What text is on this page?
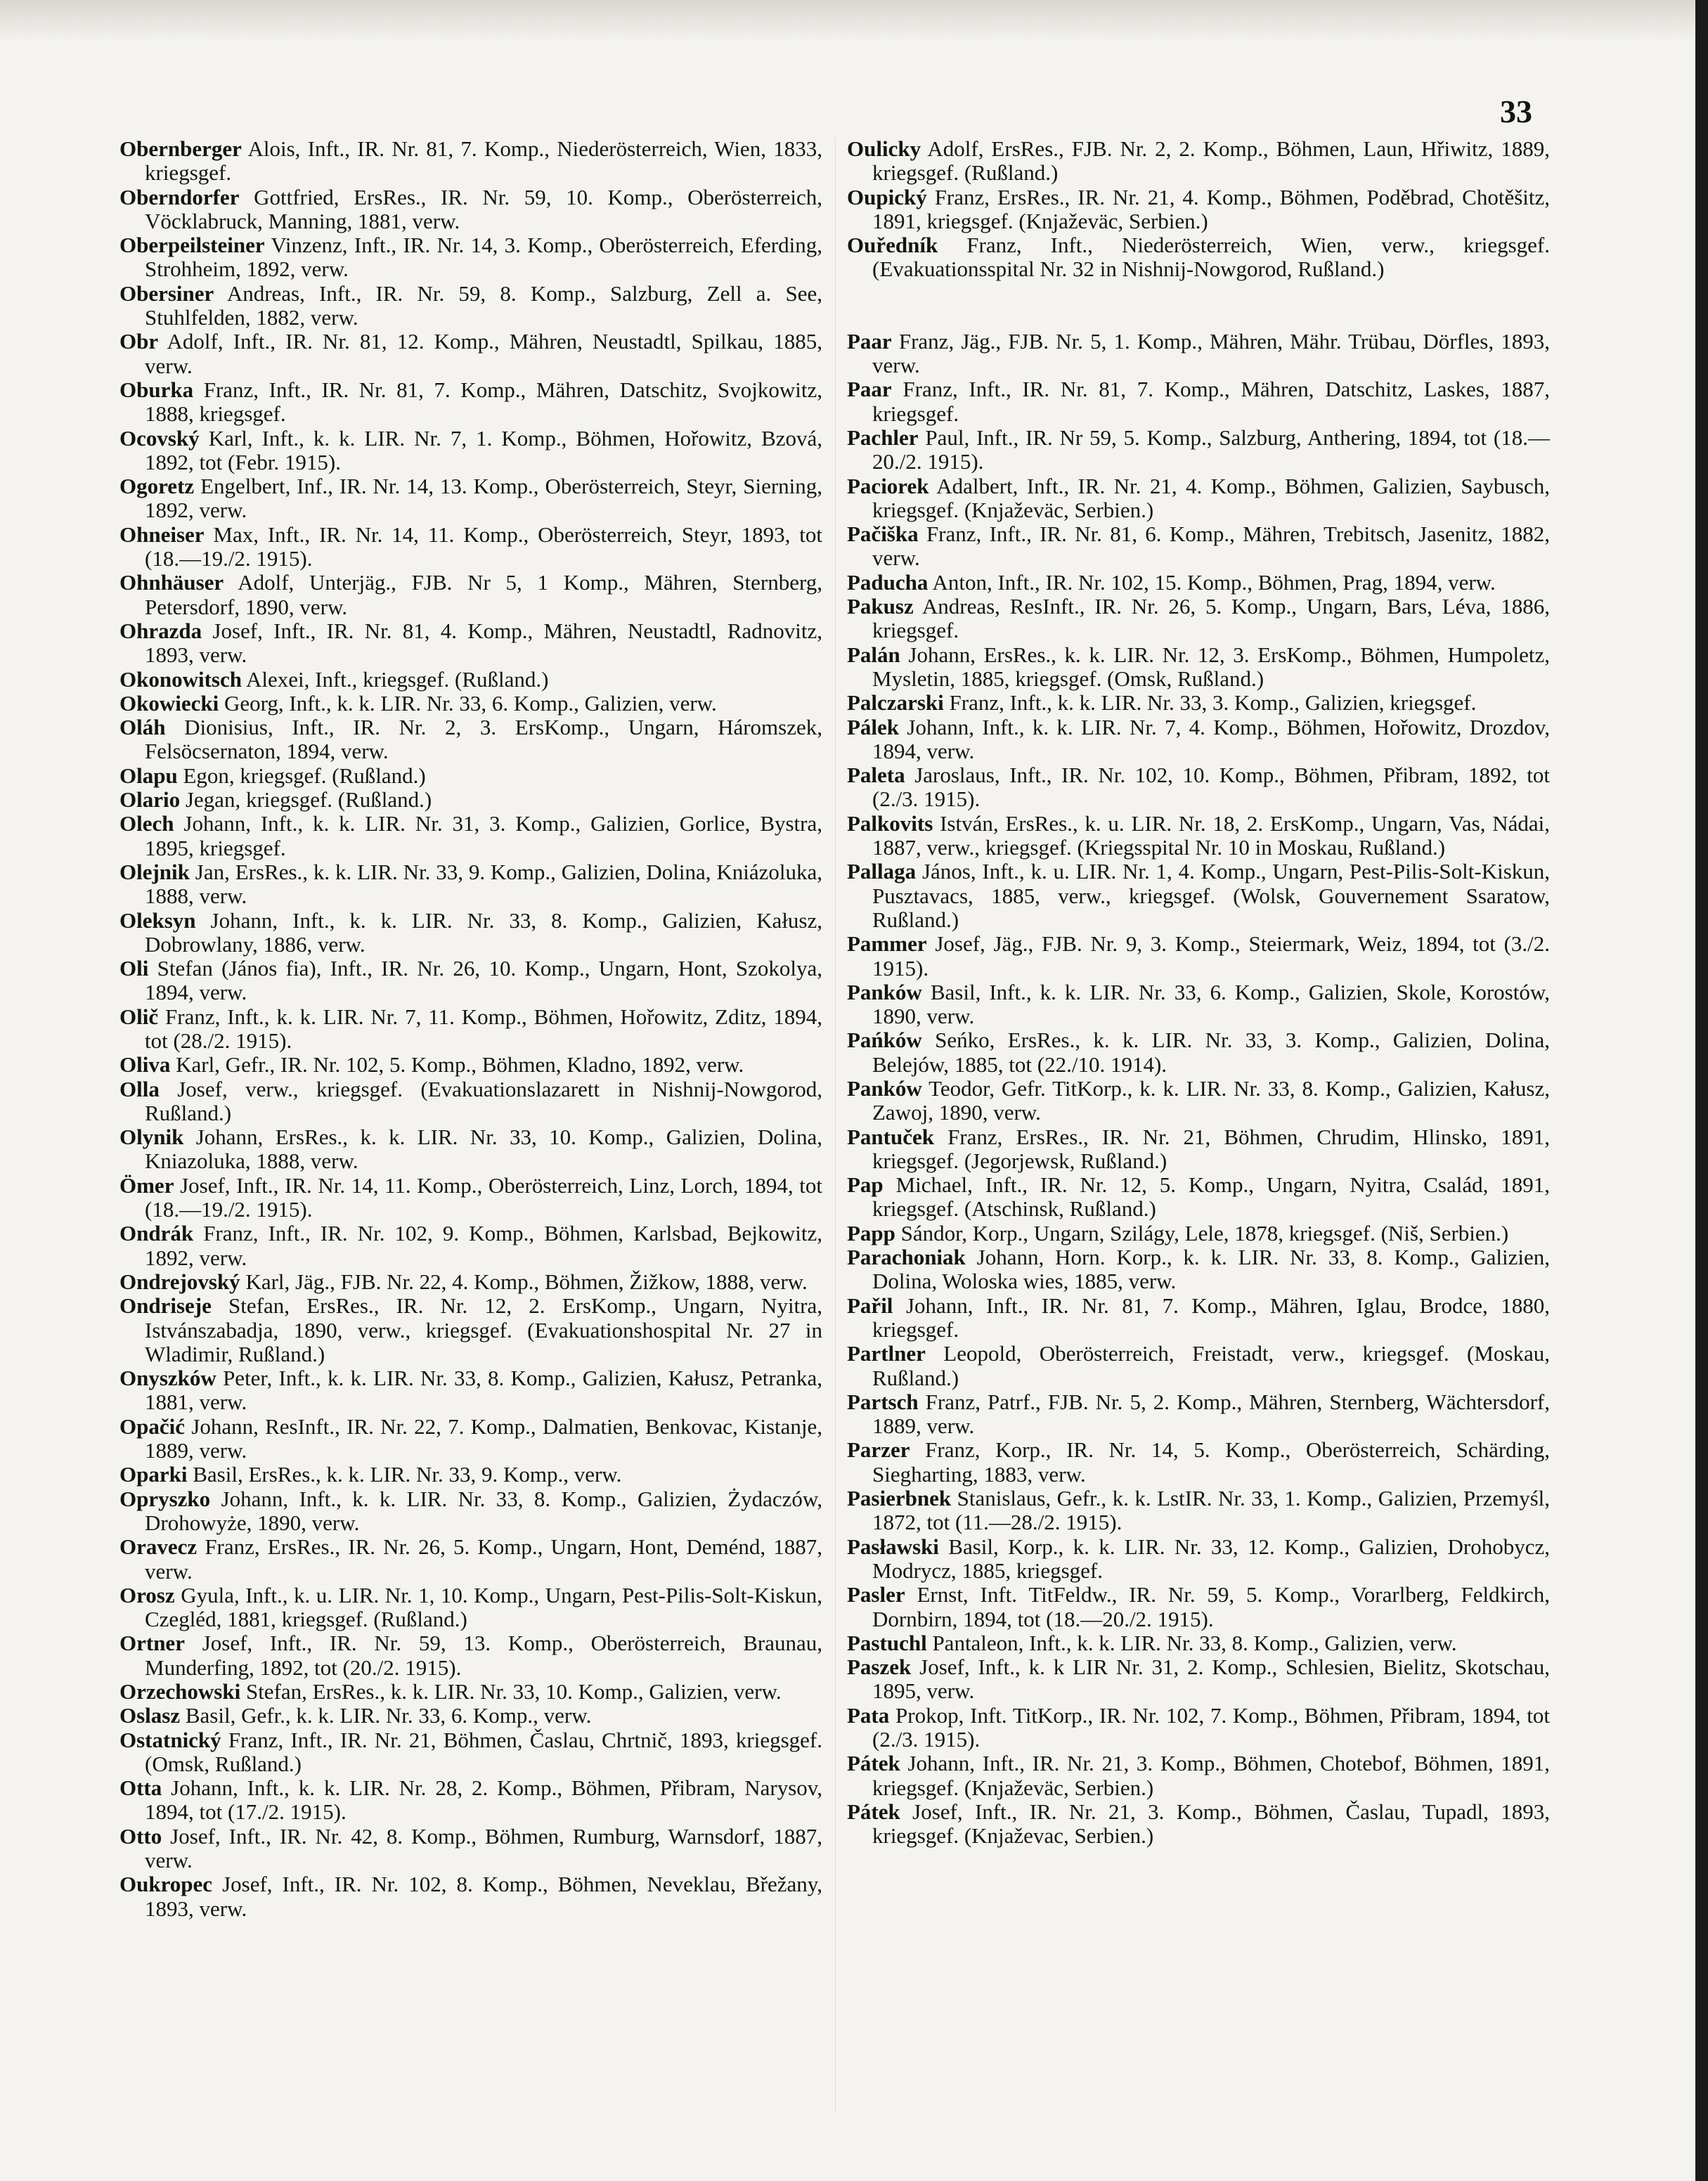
33

Obernberger Alois, Inft., IR. Nr. 81, 7. Komp., Niederösterreich, Wien, 1833, kriegsgef.

Oberndorfer Gottfried, ErsRes., IR. Nr. 59, 10. Komp., Oberösterreich, Vöcklabruck, Manning, 1881, verw.

Oberpeilsteiner Vinzenz, Inft., IR. Nr. 14, 3. Komp., Oberösterreich, Eferding, Strohheim, 1892, verw.

Obersiner Andreas, Inft., IR. Nr. 59, 8. Komp., Salzburg, Zell a. See, Stuhlfelden, 1882, verw.

Obr Adolf, Inft., IR. Nr. 81, 12. Komp., Mähren, Neustadtl, Spilkau, 1885, verw.

Oburka Franz, Inft., IR. Nr. 81, 7. Komp., Mähren, Datschitz, Svojkowitz, 1888, kriegsgef.

Ocovský Karl, Inft., k. k. LIR. Nr. 7, 1. Komp., Böhmen, Hořowitz, Bzová, 1892, tot (Febr. 1915).

Ogoretz Engelbert, Inf., IR. Nr. 14, 13. Komp., Oberösterreich, Steyr, Sierning, 1892, verw.

Ohneiser Max, Inft., IR. Nr. 14, 11. Komp., Oberösterreich, Steyr, 1893, tot (18.—19./2. 1915).

Ohnhäuser Adolf, Unterjäg., FJB. Nr 5, 1 Komp., Mähren, Sternberg, Petersdorf, 1890, verw.

Ohrazda Josef, Inft., IR. Nr. 81, 4. Komp., Mähren, Neustadtl, Radnovitz, 1893, verw.

Okonowitsch Alexei, Inft., kriegsgef. (Rußland.)

Okowiecki Georg, Inft., k. k. LIR. Nr. 33, 6. Komp., Galizien, verw.

Oláh Dionisius, Inft., IR. Nr. 2, 3. ErsKomp., Ungarn, Háromszek, Felsöcsernaton, 1894, verw.

Olapu Egon, kriegsgef. (Rußland.)

Olario Jegan, kriegsgef. (Rußland.)

Olech Johann, Inft., k. k. LIR. Nr. 31, 3. Komp., Galizien, Gorlice, Bystra, 1895, kriegsgef.

Olejnik Jan, ErsRes., k. k. LIR. Nr. 33, 9. Komp., Galizien, Dolina, Kniázoluka, 1888, verw.

Oleksyn Johann, Inft., k. k. LIR. Nr. 33, 8. Komp., Galizien, Kałusz, Dobrowlany, 1886, verw.

Oli Stefan (János fia), Inft., IR. Nr. 26, 10. Komp., Ungarn, Hont, Szokolya, 1894, verw.

Olič Franz, Inft., k. k. LIR. Nr. 7, 11. Komp., Böhmen, Hořowitz, Zditz, 1894, tot (28./2. 1915).

Oliva Karl, Gefr., IR. Nr. 102, 5. Komp., Böhmen, Kladno, 1892, verw.

Olla Josef, verw., kriegsgef. (Evakuationslazarett in Nishnij-Nowgorod, Rußland.)

Olynik Johann, ErsRes., k. k. LIR. Nr. 33, 10. Komp., Galizien, Dolina, Kniazoluka, 1888, verw.

Ömer Josef, Inft., IR. Nr. 14, 11. Komp., Oberösterreich, Linz, Lorch, 1894, tot (18.—19./2. 1915).

Ondrák Franz, Inft., IR. Nr. 102, 9. Komp., Böhmen, Karlsbad, Bejkowitz, 1892, verw.

Ondrejovský Karl, Jäg., FJB. Nr. 22, 4. Komp., Böhmen, Žižkow, 1888, verw.

Ondriseje Stefan, ErsRes., IR. Nr. 12, 2. ErsKomp., Ungarn, Nyitra, Istvánszabadja, 1890, verw., kriegsgef. (Evakuationshospital Nr. 27 in Wladimir, Rußland.)

Onyszków Peter, Inft., k. k. LIR. Nr. 33, 8. Komp., Galizien, Kałusz, Petranka, 1881, verw.

Opačić Johann, ResInft., IR. Nr. 22, 7. Komp., Dalmatien, Benkovac, Kistanje, 1889, verw.

Oparki Basil, ErsRes., k. k. LIR. Nr. 33, 9. Komp., verw.

Opryszko Johann, Inft., k. k. LIR. Nr. 33, 8. Komp., Galizien, Żydaczów, Drohowyże, 1890, verw.

Oravecz Franz, ErsRes., IR. Nr. 26, 5. Komp., Ungarn, Hont, Deménd, 1887, verw.

Orosz Gyula, Inft., k. u. LIR. Nr. 1, 10. Komp., Ungarn, Pest-Pilis-Solt-Kiskun, Czegléd, 1881, kriegsgef. (Rußland.)

Ortner Josef, Inft., IR. Nr. 59, 13. Komp., Oberösterreich, Braunau, Munderfing, 1892, tot (20./2. 1915).

Orzechowski Stefan, ErsRes., k. k. LIR. Nr. 33, 10. Komp., Galizien, verw.

Oslasz Basil, Gefr., k. k. LIR. Nr. 33, 6. Komp., verw.

Ostatnický Franz, Inft., IR. Nr. 21, Böhmen, Časlau, Chrtnič, 1893, kriegsgef. (Omsk, Rußland.)

Otta Johann, Inft., k. k. LIR. Nr. 28, 2. Komp., Böhmen, Přibram, Narysov, 1894, tot (17./2. 1915).

Otto Josef, Inft., IR. Nr. 42, 8. Komp., Böhmen, Rumburg, Warnsdorf, 1887, verw.

Oukropec Josef, Inft., IR. Nr. 102, 8. Komp., Böhmen, Neveklau, Břežany, 1893, verw.

Oulicky Adolf, ErsRes., FJB. Nr. 2, 2. Komp., Böhmen, Laun, Hřiwitz, 1889, kriegsgef. (Rußland.)

Oupický Franz, ErsRes., IR. Nr. 21, 4. Komp., Böhmen, Poděbrad, Chotěšitz, 1891, kriegsgef. (Knjaževäc, Serbien.)

Ouředník Franz, Inft., Niederösterreich, Wien, verw., kriegsgef. (Evakuationsspital Nr. 32 in Nishnij-Nowgorod, Rußland.)

Paar Franz, Jäg., FJB. Nr. 5, 1. Komp., Mähren, Mähr. Trübau, Dörfles, 1893, verw.

Paar Franz, Inft., IR. Nr. 81, 7. Komp., Mähren, Datschitz, Laskes, 1887, kriegsgef.

Pachler Paul, Inft., IR. Nr 59, 5. Komp., Salzburg, Anthering, 1894, tot (18.—20./2. 1915).

Paciorek Adalbert, Inft., IR. Nr. 21, 4. Komp., Böhmen, Galizien, Saybusch, kriegsgef. (Knjaževäc, Serbien.)

Pačiška Franz, Inft., IR. Nr. 81, 6. Komp., Mähren, Trebitsch, Jasenitz, 1882, verw.

Paducha Anton, Inft., IR. Nr. 102, 15. Komp., Böhmen, Prag, 1894, verw.

Pakusz Andreas, ResInft., IR. Nr. 26, 5. Komp., Ungarn, Bars, Léva, 1886, kriegsgef.

Palán Johann, ErsRes., k. k. LIR. Nr. 12, 3. ErsKomp., Böhmen, Humpoletz, Mysletin, 1885, kriegsgef. (Omsk, Rußland.)

Palczarski Franz, Inft., k. k. LIR. Nr. 33, 3. Komp., Galizien, kriegsgef.

Pálek Johann, Inft., k. k. LIR. Nr. 7, 4. Komp., Böhmen, Hořowitz, Drozdov, 1894, verw.

Paleta Jaroslaus, Inft., IR. Nr. 102, 10. Komp., Böhmen, Přibram, 1892, tot (2./3. 1915).

Palkovits István, ErsRes., k. u. LIR. Nr. 18, 2. ErsKomp., Ungarn, Vas, Nádai, 1887, verw., kriegsgef. (Kriegsspital Nr. 10 in Moskau, Rußland.)

Pallaga János, Inft., k. u. LIR. Nr. 1, 4. Komp., Ungarn, Pest-Pilis-Solt-Kiskun, Pusztavacs, 1885, verw., kriegsgef. (Wolsk, Gouvernement Ssaratow, Rußland.)

Pammer Josef, Jäg., FJB. Nr. 9, 3. Komp., Steiermark, Weiz, 1894, tot (3./2. 1915).

Panków Basil, Inft., k. k. LIR. Nr. 33, 6. Komp., Galizien, Skole, Korostów, 1890, verw.

Pańków Seńko, ErsRes., k. k. LIR. Nr. 33, 3. Komp., Galizien, Dolina, Belejów, 1885, tot (22./10. 1914).

Panków Teodor, Gefr. TitKorp., k. k. LIR. Nr. 33, 8. Komp., Galizien, Kałusz, Zawoj, 1890, verw.

Pantuček Franz, ErsRes., IR. Nr. 21, Böhmen, Chrudim, Hlinsko, 1891, kriegsgef. (Jegorjewsk, Rußland.)

Pap Michael, Inft., IR. Nr. 12, 5. Komp., Ungarn, Nyitra, Család, 1891, kriegsgef. (Atschinsk, Rußland.)

Papp Sándor, Korp., Ungarn, Szilágy, Lele, 1878, kriegsgef. (Niš, Serbien.)

Parachoniak Johann, Horn. Korp., k. k. LIR. Nr. 33, 8. Komp., Galizien, Dolina, Woloska wies, 1885, verw.

Pařil Johann, Inft., IR. Nr. 81, 7. Komp., Mähren, Iglau, Brodce, 1880, kriegsgef.

Partlner Leopold, Oberösterreich, Freistadt, verw., kriegsgef. (Moskau, Rußland.)

Partsch Franz, Patrf., FJB. Nr. 5, 2. Komp., Mähren, Sternberg, Wächtersdorf, 1889, verw.

Parzer Franz, Korp., IR. Nr. 14, 5. Komp., Oberösterreich, Schärding, Siegharting, 1883, verw.

Pasierbnek Stanislaus, Gefr., k. k. LstIR. Nr. 33, 1. Komp., Galizien, Przemyśl, 1872, tot (11.—28./2. 1915).

Pasławski Basil, Korp., k. k. LIR. Nr. 33, 12. Komp., Galizien, Drohobycz, Modrycz, 1885, kriegsgef.

Pasler Ernst, Inft. TitFeldw., IR. Nr. 59, 5. Komp., Vorarlberg, Feldkirch, Dornbirn, 1894, tot (18.—20./2. 1915).

Pastuchl Pantaleon, Inft., k. k. LIR. Nr. 33, 8. Komp., Galizien, verw.

Paszek Josef, Inft., k. k LIR Nr. 31, 2. Komp., Schlesien, Bielitz, Skotschau, 1895, verw.

Pata Prokop, Inft. TitKorp., IR. Nr. 102, 7. Komp., Böhmen, Přibram, 1894, tot (2./3. 1915).

Pátek Johann, Inft., IR. Nr. 21, 3. Komp., Böhmen, Chotebof, Böhmen, 1891, kriegsgef. (Knjaževäc, Serbien.)

Pátek Josef, Inft., IR. Nr. 21, 3. Komp., Böhmen, Časlau, Tupadl, 1893, kriegsgef. (Knjaževac, Serbien.)
